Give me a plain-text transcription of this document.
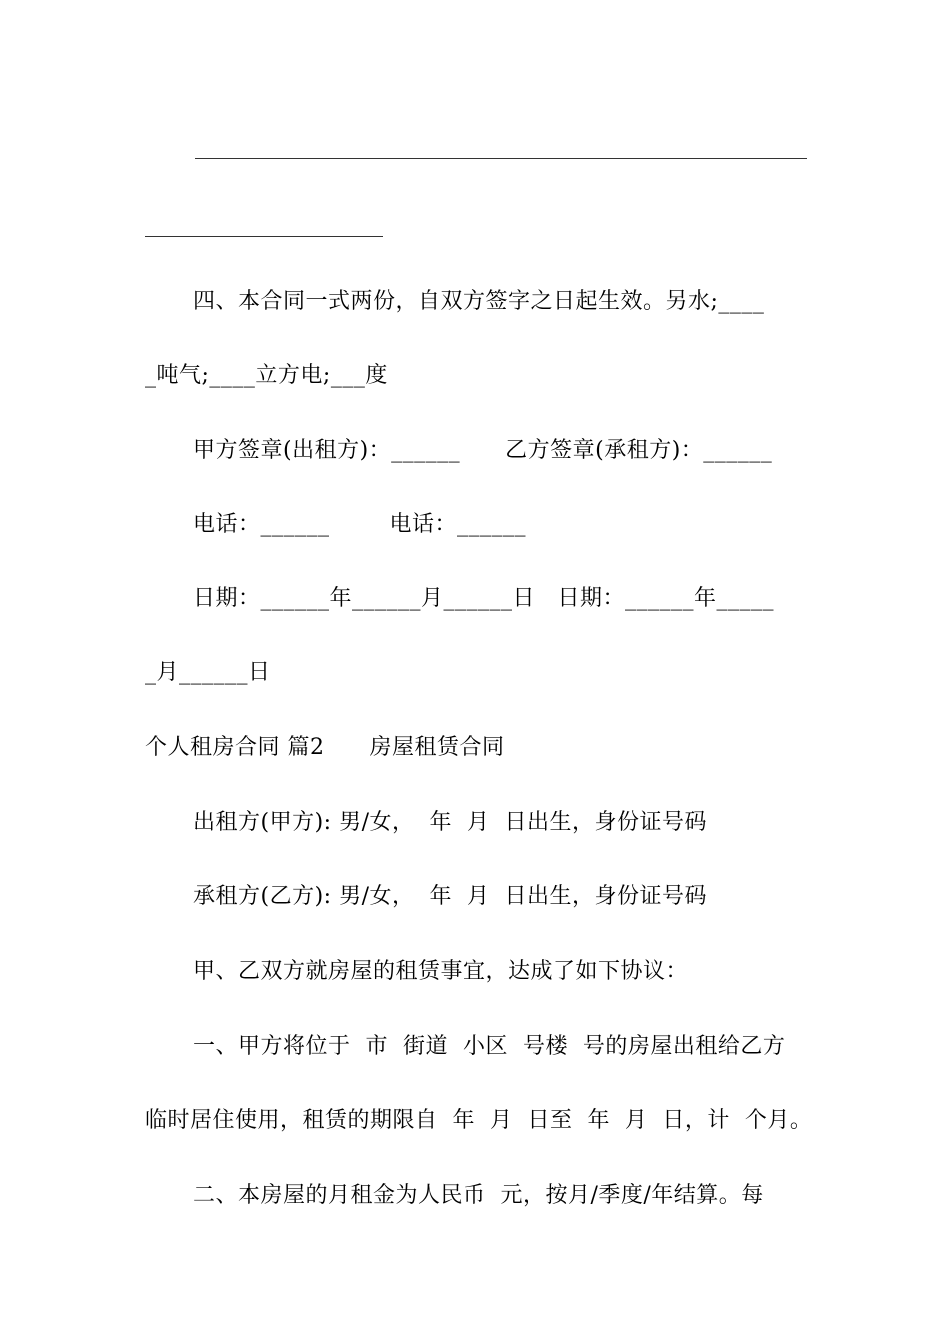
四、本合同一式两份，自双方签字之日起生效。另水;____
_吨气;____立方电;___度
甲方签章(出租方)：______      乙方签章(承租方)：______
电话：______        电话：______
日期：______年______月______日   日期：______年_____
_月______日
个人租房合同 篇2      房屋租赁合同
出租方(甲方): 男/女，  年  月  日出生，身份证号码
承租方(乙方): 男/女，  年  月  日出生，身份证号码
甲、乙双方就房屋的租赁事宜，达成了如下协议：
一、甲方将位于  市  街道  小区  号楼  号的房屋出租给乙方
临时居住使用，租赁的期限自  年  月  日至  年  月  日，计  个月。
二、本房屋的月租金为人民币  元，按月/季度/年结算。每
